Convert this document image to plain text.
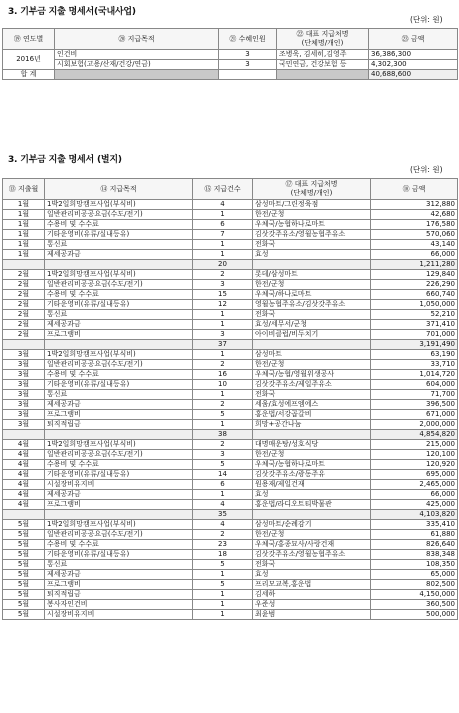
3. 기부금 지출 명세서(국내사업)
(단위: 원)
⑲ 연도별	⑳ 지급목적	㉑ 수혜인원	㉒ 대표 지급처명
(단체명/개인)	㉓ 금액
2016년	인건비	3	조병욱, 김세히,김영주	36,386,300
	시회보험(고용/산재/건강/연금)	3	국민연금, 건강보험 등	4,302,300
합 계				40,688,600
3. 기부금 지출 명세서 (별지)
(단위: 원)
⑬ 지출월	⑭ 지급목적	⑮ 지급건수	⑰ 대표 지급처명
(단체명/개인)	⑱ 금액
1월	1박2일희망캠프사업(부식비)	4	삼성마트/그린정육점	312,880
1월	일반관리비공공요금(수도/전기)	1	한전/군청	42,680
1월	수용비 및 수수료	6	우체국/농협하나로마트	176,580
1월	기타운영비(유류/실내등유)	7	김삿갓주유소/영월농협주유소	570,060
1월	통신료	1	전화국	43,140
1월	제세공과금	1	효성	66,000
		20		1,211,280
2월	1박2일희망캠프사업(부식비)	2	롯데/삼성마트	129,840
2월	일반관리비공공요금(수도/전기)	3	한전/군청	226,290
2월	수용비 및 수수료	15	우체국/하나로마트	660,740
2월	기타운영비(유류/실내등유)	12	영월농협주유소/김삿갓주유소	1,050,000
2월	통신료	1	전화국	52,210
2월	제세공과금	1	효성/세무서/군청	371,410
2월	프로그램비	3	아이비클럽/비두치기	701,000
		37		3,191,490
3월	1박2일희망캠프사업(부식비)	1	삼성마트	63,190
3월	일반관리비공공요금(수도/전기)	2	한전/군청	33,710
3월	수용비 및 수수료	16	우체국/농협/영월위생공사	1,014,720
3월	기타운영비(유류/실내등유)	10	김삿갓주유소/제일주유소	604,000
3월	통신료	1	전화국	71,700
3월	제세공과금	2	세움/효성에프엠에스	396,500
3월	프로그램비	5	홍운법/서강곱갈비	671,000
3월	퇴직적립금	1	희망+공간나눔	2,000,000
		38		4,854,820
4월	1박2일희망캠프사업(부식비)	2	대명매운탕/성호식당	215,000
4월	일반관리비공공요금(수도/전기)	3	한전/군청	120,100
4월	수용비 및 수수료	5	우체국/농협하나로마트	120,920
4월	기타운영비(유류/실내등유)	14	김삿갓주유소/광동주유	695,000
4월	시설장비유지비	6	원용재/제일건재	2,465,000
4월	제세공과금	1	효성	66,000
4월	프로그램비	4	홍운법/라디오트티박물관	425,000
		35		4,103,820
5월	1박2일희망캠프사업(부식비)	4	삼성마트/순례감기	335,410
5월	일반관리비공공요금(수도/전기)	2	한전/군청	61,880
5월	수용비 및 수수료	23	우체국/홍종묘사/사랑건재	826,640
5월	기타운영비(유류/실내등유)	18	김삿갓주유소/영월농협주유소	838,348
5월	통신료	5	전화국	108,350
5월	제세공과금	1	효성	65,000
5월	프로그램비	5	프리모교복,홍운법	802,500
5월	퇴직적립금	1	김세하	4,150,000
5월	봉사자인건비	1	우준성	360,500
5월	시설장비유지비	1	최윤범	500,000
